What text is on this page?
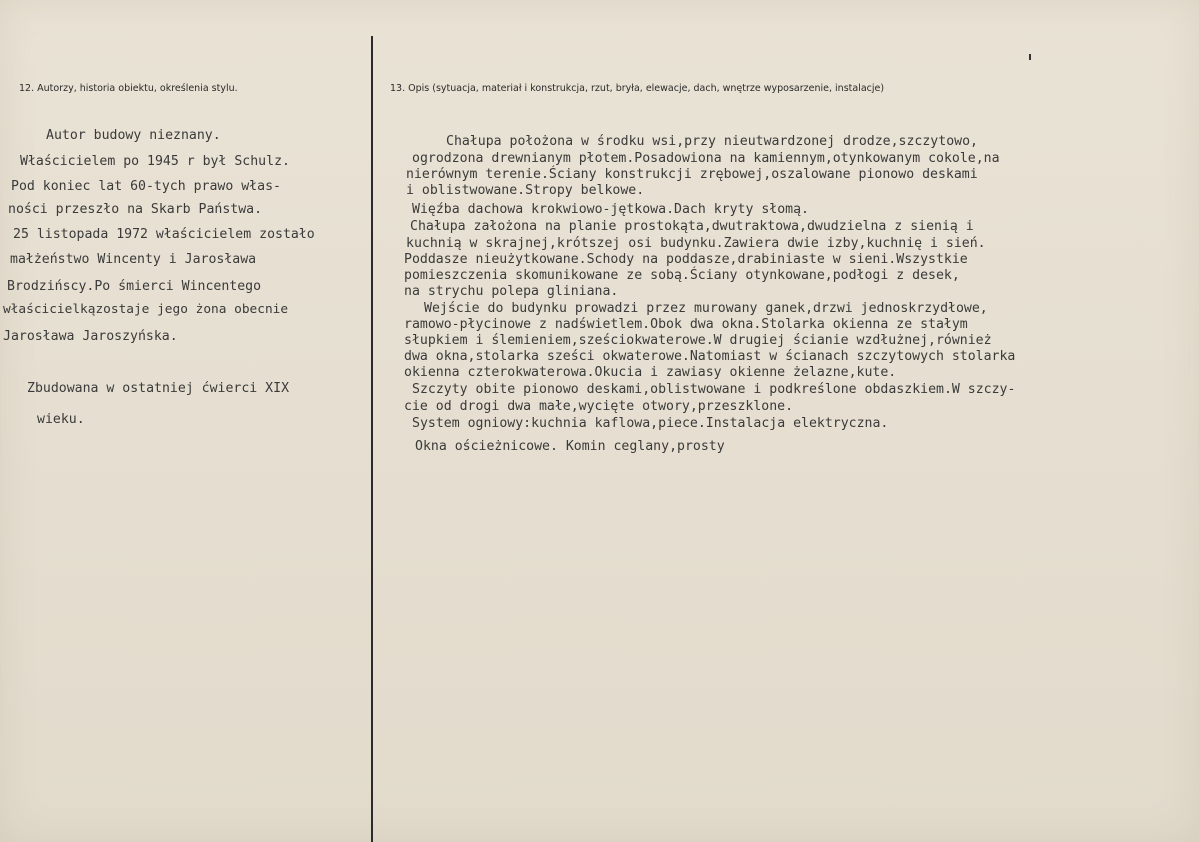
12. Autorzy, historia obiektu, określenia stylu.	13. Opis (sytuacja, materiał i konstrukcja, rzut, bryła, elewacje, dach, wnętrze wyposarzenie, instalacje)
Autor budowy nieznany.
Właścicielem po 1945 r był Schulz.
Pod koniec lat 60-tych prawo włas-
ności przeszło na Skarb Państwa.
25 listopada 1972 właścicielem zostało
małżeństwo Wincenty i Jarosława
Brodzińscy.Po śmierci Wincentego
właścicielkązostaje jego żona obecnie
Jarosława Jaroszyńska.
Zbudowana w ostatniej ćwierci XIX
wieku.
Chałupa położona w środku wsi,przy nieutwardzonej drodze,szczytowo,
ogrodzona drewnianym płotem.Posadowiona na kamiennym,otynkowanym cokole,na
nierównym terenie.Ściany konstrukcji zrębowej,oszalowane pionowo deskami
i oblistwowane.Stropy belkowe.
Więźba dachowa krokwiowo-jętkowa.Dach kryty słomą.
Chałupa założona na planie prostokąta,dwutraktowa,dwudzielna z sienią i
kuchnią w skrajnej,krótszej osi budynku.Zawiera dwie izby,kuchnię i sień.
Poddasze nieużytkowane.Schody na poddasze,drabiniaste w sieni.Wszystkie
pomieszczenia skomunikowane ze sobą.Ściany otynkowane,podłogi z desek,
na strychu polepa gliniana.
Wejście do budynku prowadzi przez murowany ganek,drzwi jednoskrzydłowe,
ramowo-płycinowe z nadświetlem.Obok dwa okna.Stolarka okienna ze stałym
słupkiem i ślemieniem,sześciokwaterowe.W drugiej ścianie wzdłużnej,również
dwa okna,stolarka sześci okwaterowe.Natomiast w ścianach szczytowych stolarka
okienna czterokwaterowa.Okucia i zawiasy okienne żelazne,kute.
Szczyty obite pionowo deskami,oblistwowane i podkreślone obdaszkiem.W szczy-
cie od drogi dwa małe,wycięte otwory,przeszklone.
System ogniowy:kuchnia kaflowa,piece.Instalacja elektryczna.
Okna ościeżnicowe. Komin ceglany,prosty
